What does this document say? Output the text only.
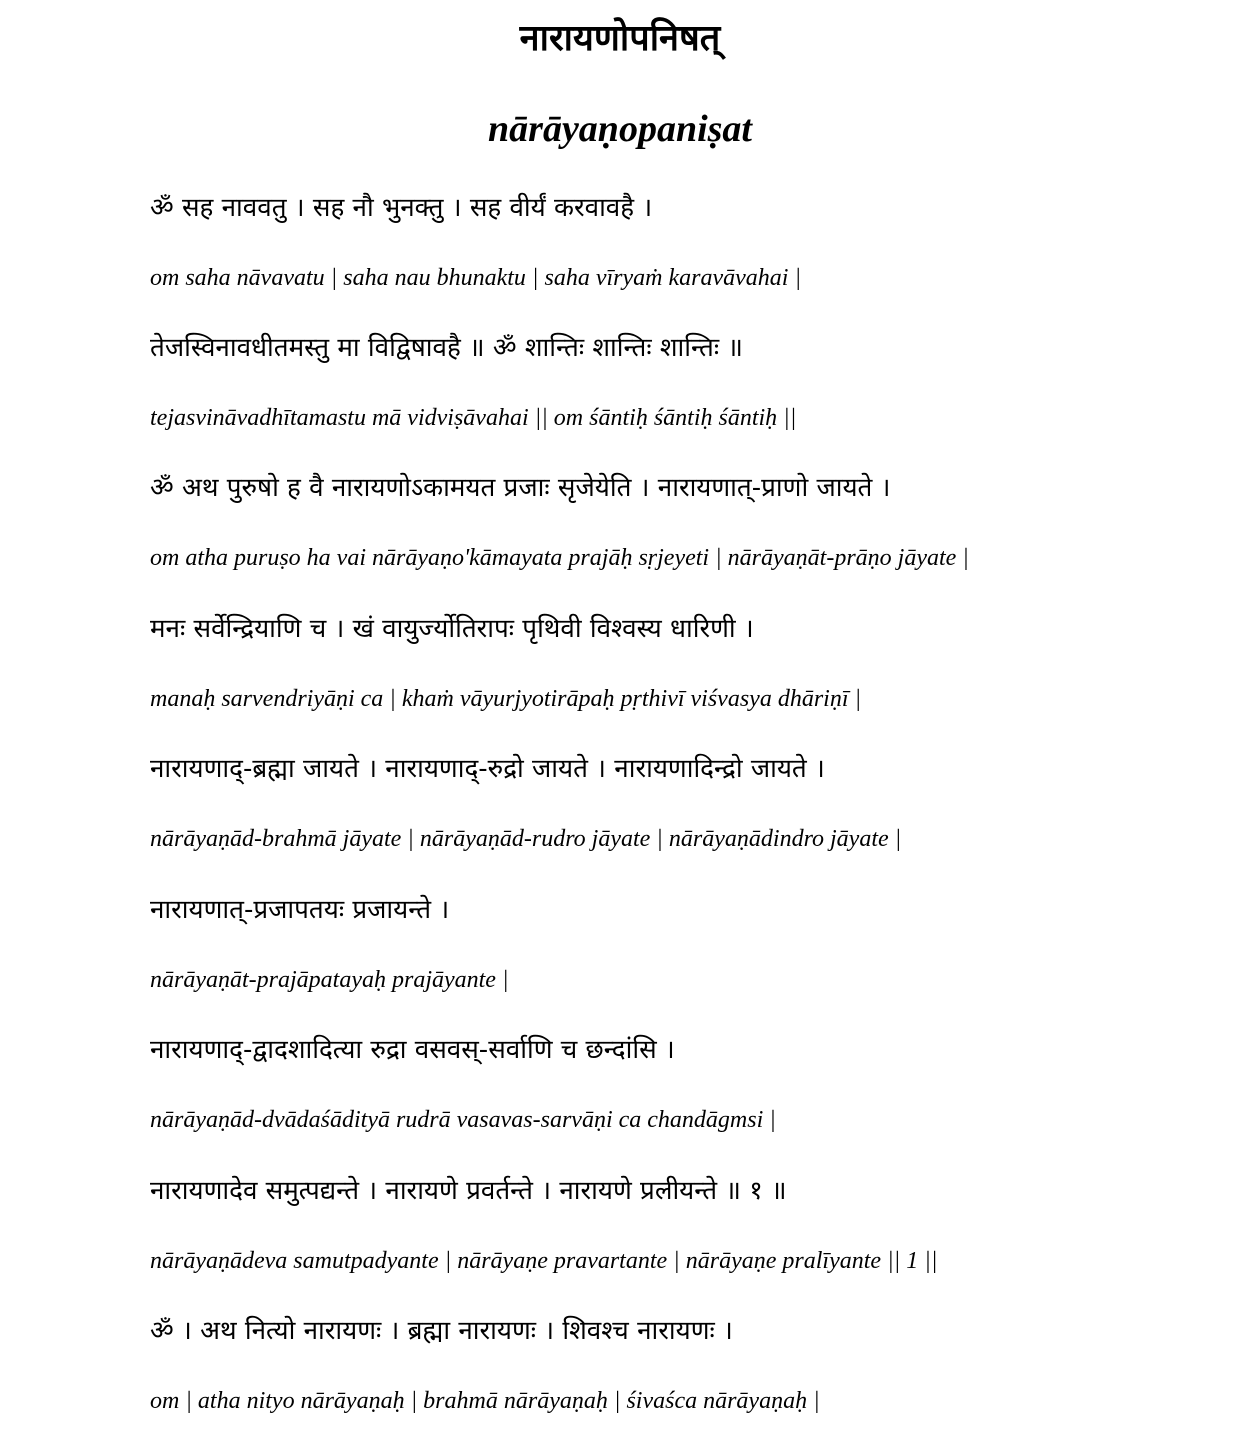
नारायणोपनिषत्
nārāyaṇopaniṣat
ॐ सह नाववतु । सह नौ भुनक्तु । सह वीर्यं करवावहै ।
om saha nāvavatu | saha nau bhunaktu | saha vīryaṁ karavāvahai |
तेजस्विनावधीतमस्तु मा विद्विषावहै ॥ ॐ शान्तिः शान्तिः शान्तिः ॥
tejasvināvadhītamastu mā vidviṣāvahai || om śāntiḥ śāntiḥ śāntiḥ ||
ॐ अथ पुरुषो ह वै नारायणोऽकामयत प्रजाः सृजेयेति । नारायणात्-प्राणो जायते ।
om atha puruṣo ha vai nārāyaṇo'kāmayata prajāḥ sṛjeyeti | nārāyaṇāt-prāṇo jāyate |
मनः सर्वेन्द्रियाणि च । खं वायुर्ज्योतिरापः पृथिवी विश्वस्य धारिणी ।
manaḥ sarvendriyāṇi ca | khaṁ vāyurjyotirāpaḥ pṛthivī viśvasya dhāriṇī |
नारायणाद्-ब्रह्मा जायते । नारायणाद्-रुद्रो जायते । नारायणादिन्द्रो जायते ।
nārāyaṇād-brahmā jāyate | nārāyaṇād-rudro jāyate | nārāyaṇādindro jāyate |
नारायणात्-प्रजापतयः प्रजायन्ते ।
nārāyaṇāt-prajāpatayaḥ prajāyante |
नारायणाद्-द्वादशादित्या रुद्रा वसवस्-सर्वाणि च छन्दांसि ।
nārāyaṇād-dvādaśādityā rudrā vasavas-sarvāṇi ca chandāgmsi |
नारायणादेव समुत्पद्यन्ते । नारायणे प्रवर्तन्ते । नारायणे प्रलीयन्ते ॥ १ ॥
nārāyaṇādeva samutpadyante | nārāyaṇe pravartante | nārāyaṇe pralīyante || 1 ||
ॐ । अथ नित्यो नारायणः । ब्रह्मा नारायणः । शिवश्च नारायणः ।
om | atha nityo nārāyaṇaḥ | brahmā nārāyaṇaḥ | śivaśca nārāyaṇaḥ |
